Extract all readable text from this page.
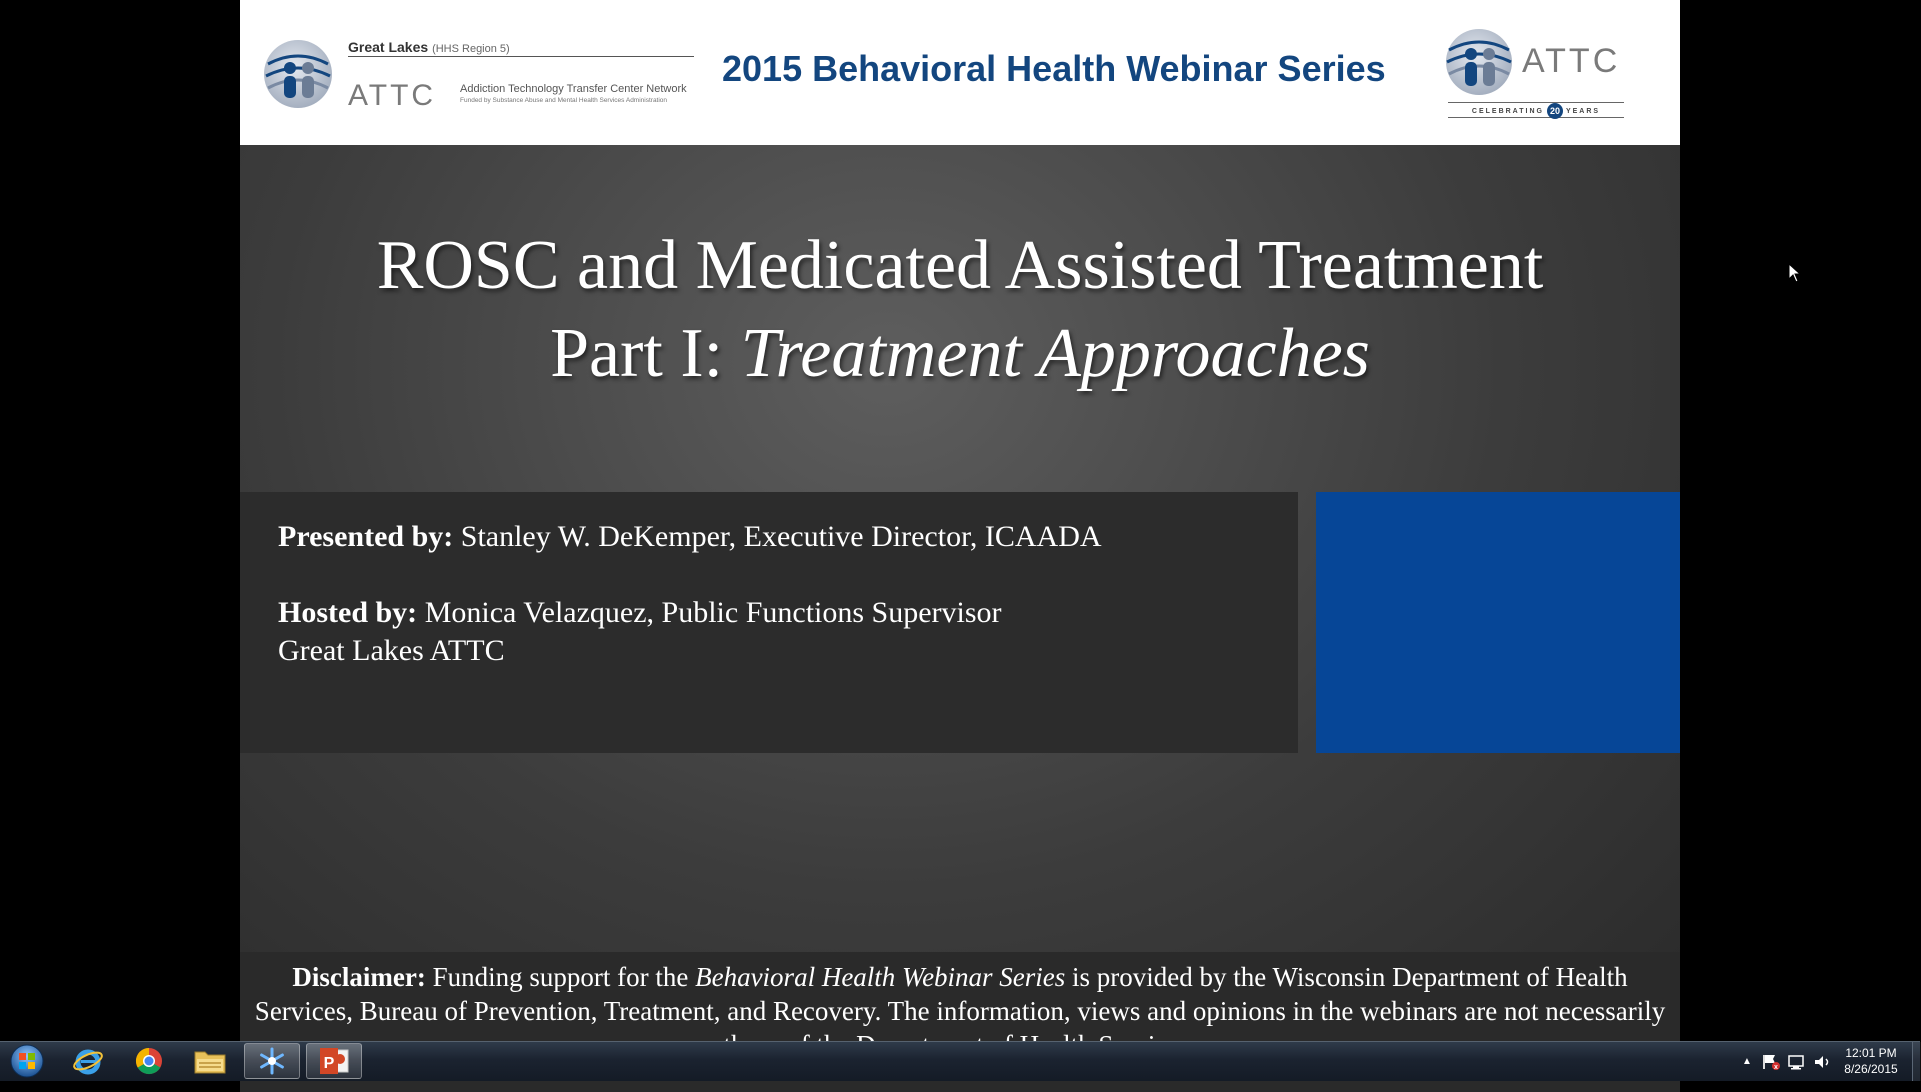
Great Lakes (HHS Region 5)
ATTC Addiction Technology Transfer Center Network
Funded by Substance Abuse and Mental Health Services Administration
2015 Behavioral Health Webinar Series	ATTC
CELEBRATING 20 YEARS
ROSC and Medicated Assisted Treatment
Part I: Treatment Approaches
Presented by: Stanley W. DeKemper, Executive Director, ICAADA
Hosted by: Monica Velazquez, Public Functions Supervisor
Great Lakes ATTC
Disclaimer: Funding support for the Behavioral Health Webinar Series is provided by the Wisconsin Department of Health Services, Bureau of Prevention, Treatment, and Recovery. The information, views and opinions in the webinars are not necessarily
P	▲	x
12:01 PM
8/26/2015
